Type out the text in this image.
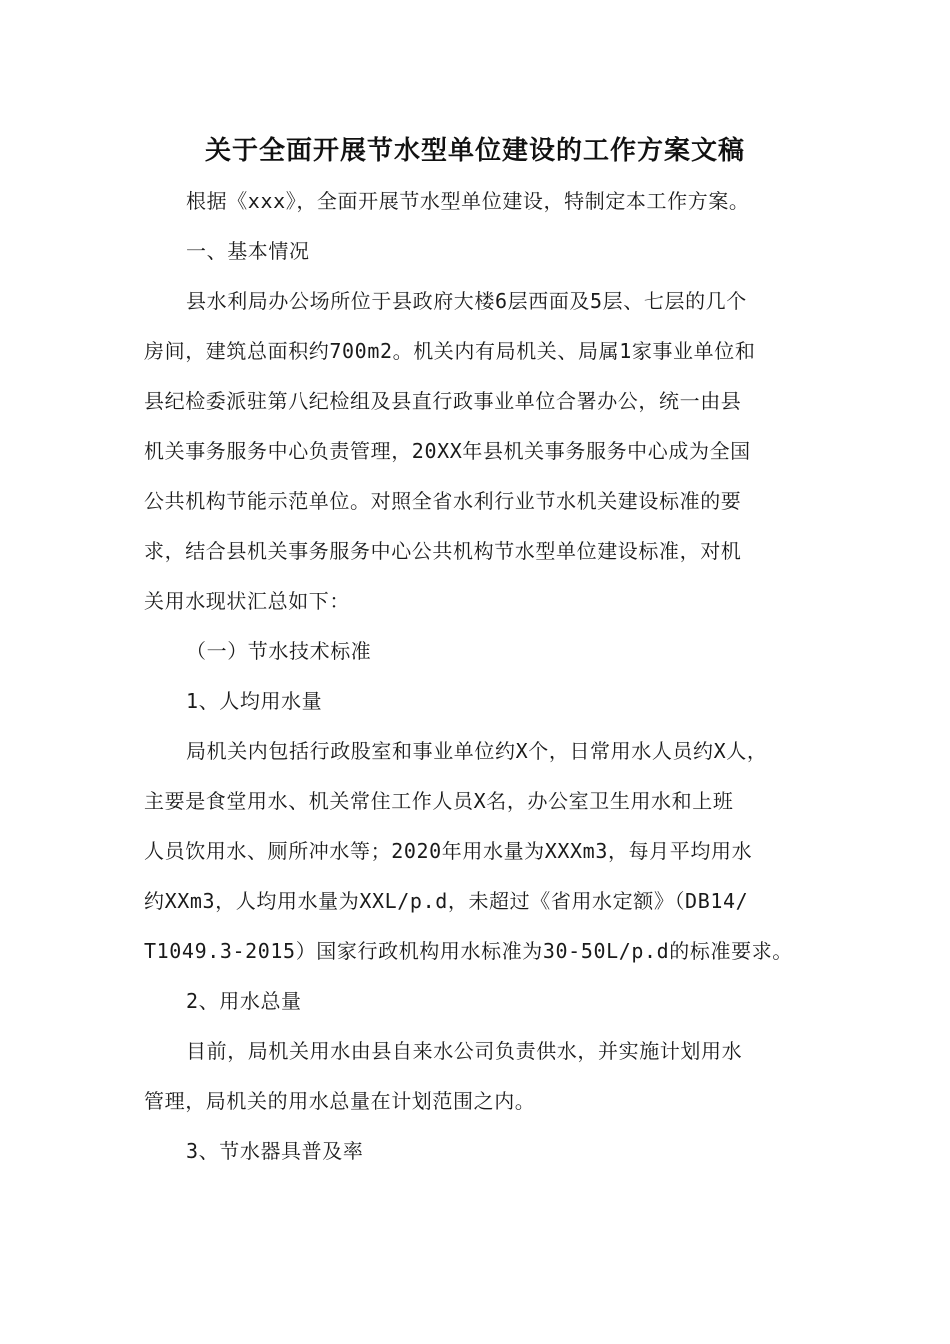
关于全面开展节水型单位建设的工作方案文稿
根据《xxx》，全面开展节水型单位建设，特制定本工作方案。
一、基本情况
县水利局办公场所位于县政府大楼6层西面及5层、七层的几个
房间，建筑总面积约700m2。机关内有局机关、局属1家事业单位和
县纪检委派驻第八纪检组及县直行政事业单位合署办公，统一由县
机关事务服务中心负责管理，20XX年县机关事务服务中心成为全国
公共机构节能示范单位。对照全省水利行业节水机关建设标准的要
求，结合县机关事务服务中心公共机构节水型单位建设标准，对机
关用水现状汇总如下：
（一）节水技术标准
1、人均用水量
局机关内包括行政股室和事业单位约X个，日常用水人员约X人，
主要是食堂用水、机关常住工作人员X名，办公室卫生用水和上班
人员饮用水、厕所冲水等；2020年用水量为XXXm3，每月平均用水
约XXm3，人均用水量为XXL/p.d，未超过《省用水定额》（DB14/
T1049.3-2015）国家行政机构用水标准为30-50L/p.d的标准要求。
2、用水总量
目前，局机关用水由县自来水公司负责供水，并实施计划用水
管理，局机关的用水总量在计划范围之内。
3、节水器具普及率
